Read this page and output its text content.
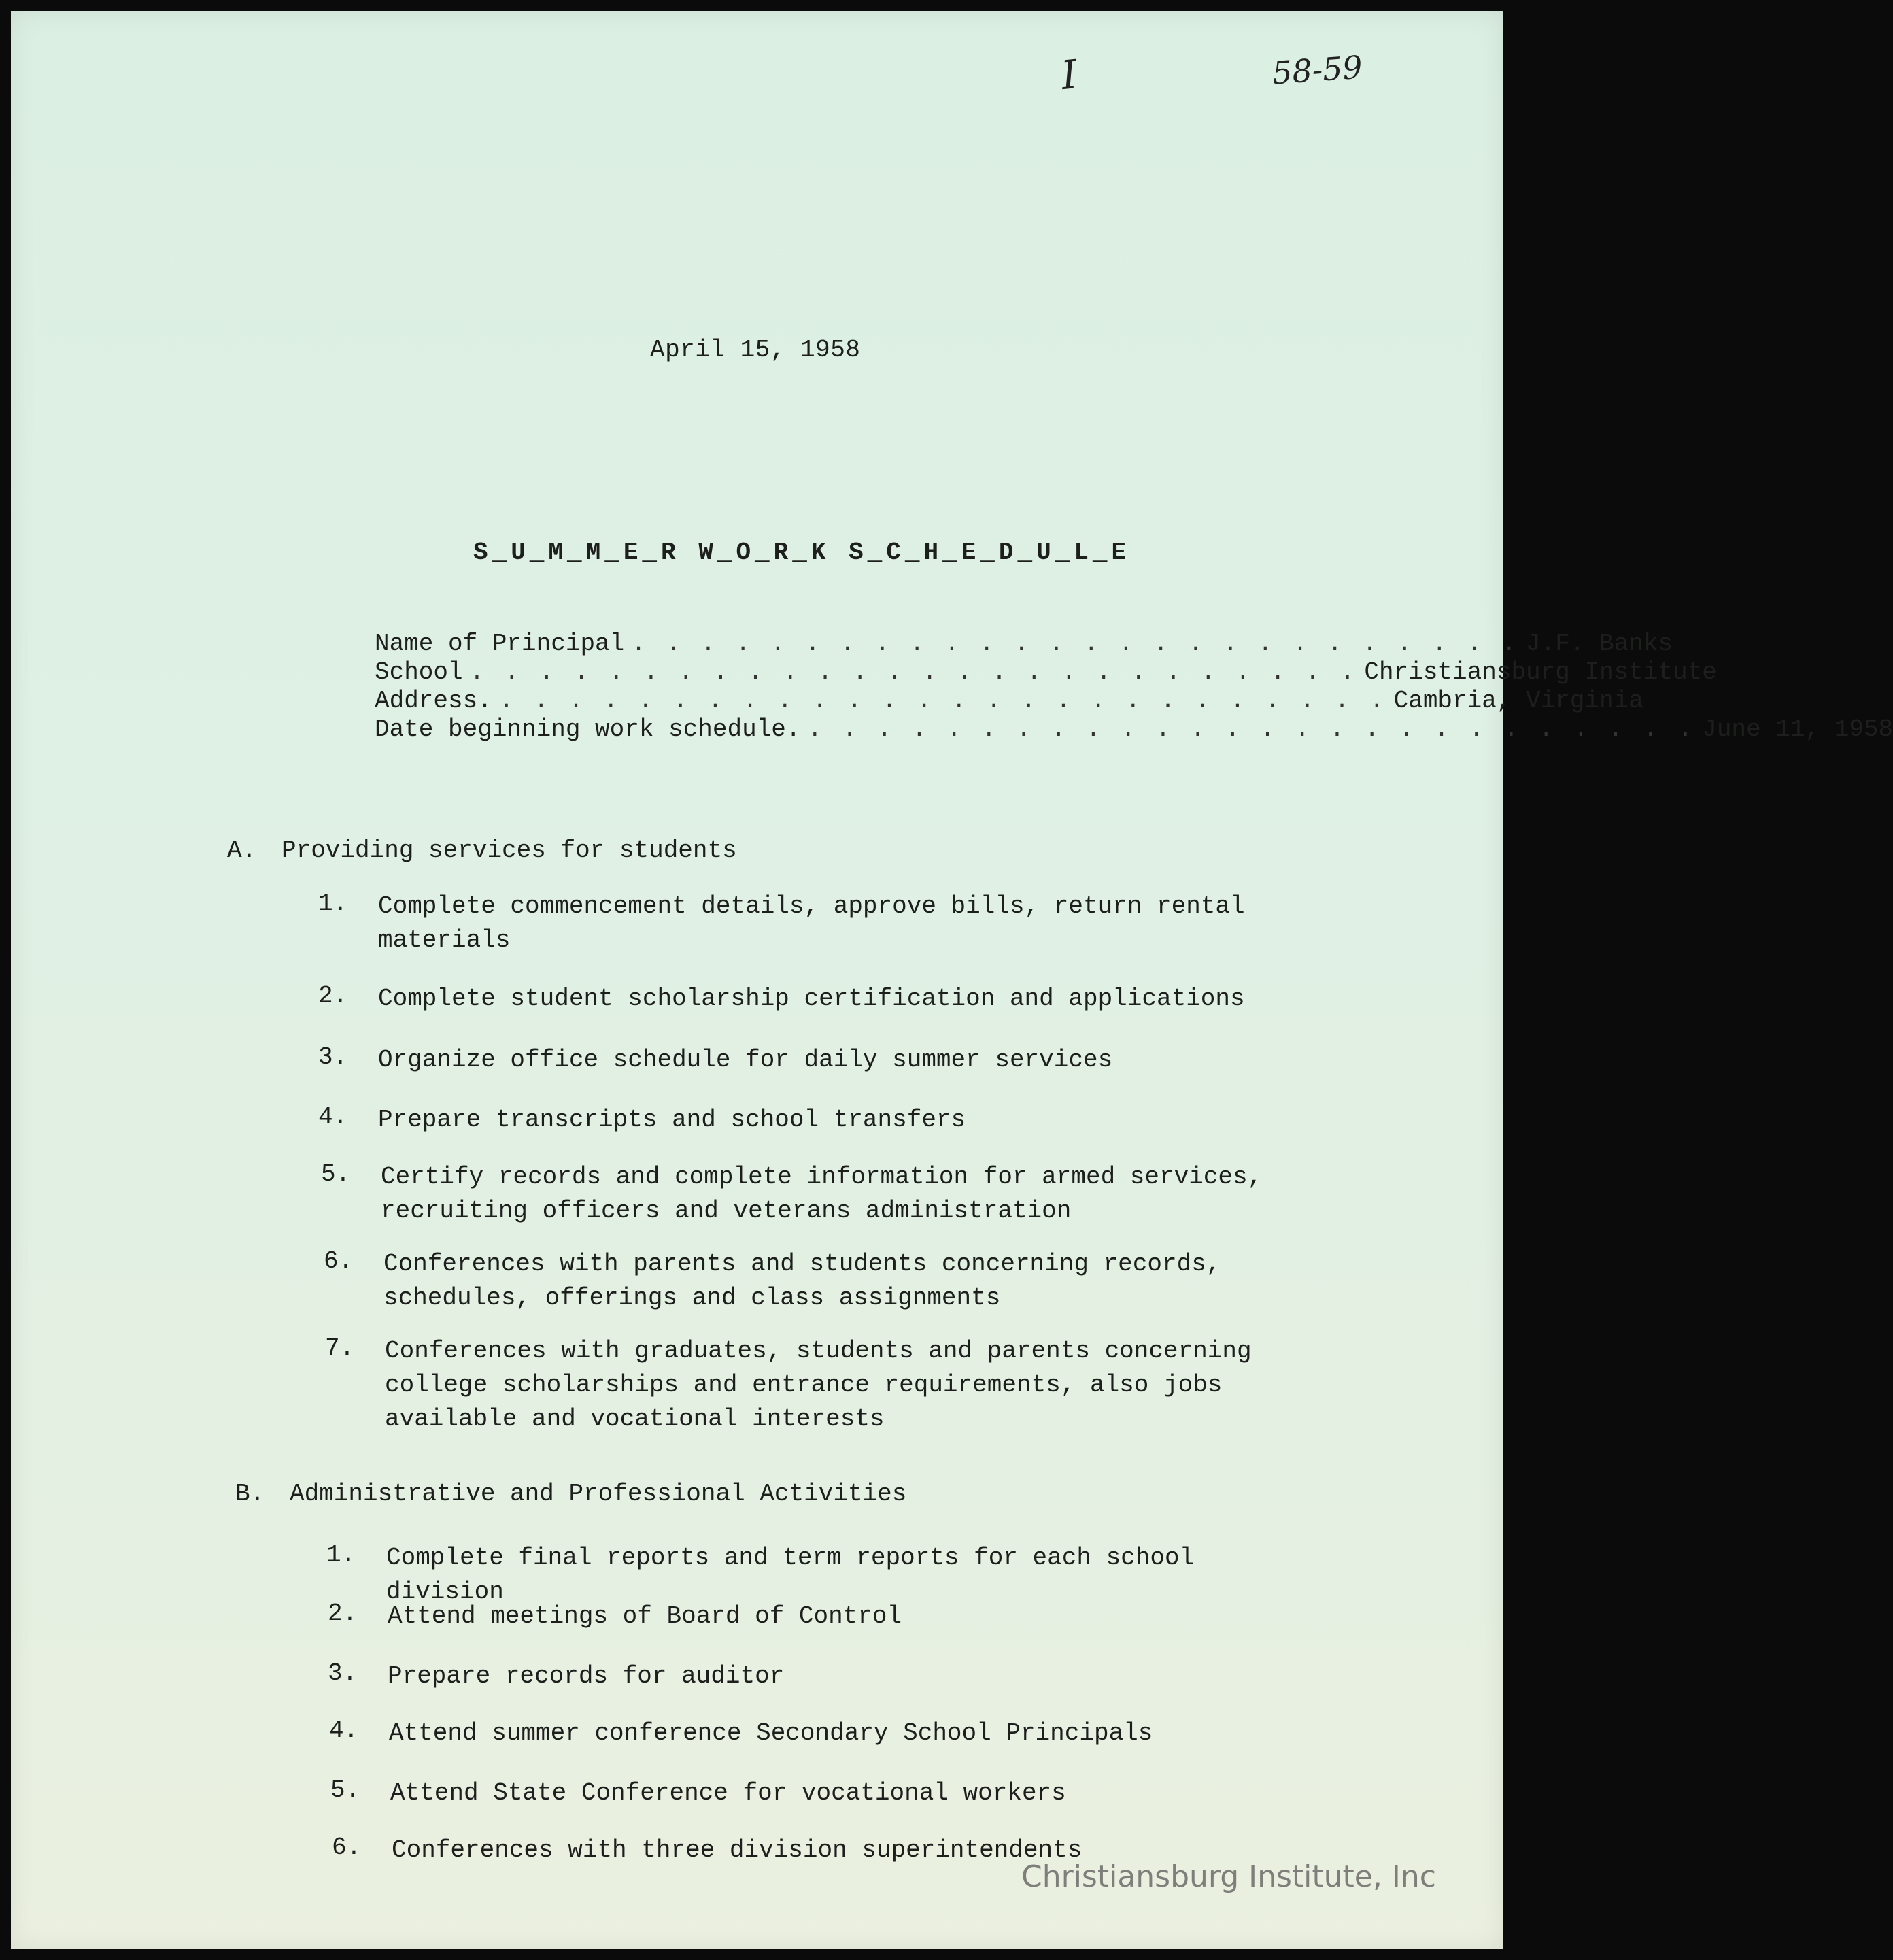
I	58-59
April 15, 1958
S_U_M_M_E_R W_O_R_K S_C_H_E_D_U_L_E
Name of Principal . . . . . . . . . . . . . . . . . . . . . . . . . . J.F. Banks
School . . . . . . . . . . . . . . . . . . . . . . . . . . Christiansburg Institute
Address. . . . . . . . . . . . . . . . . . . . . . . . . . . Cambria, Virginia
Date beginning work schedule. . . . . . . . . . . . . . . . . . . . . . . . . . . June 11, 1958
A. Providing services for students
1.	Complete commencement details, approve bills, return rental materials
2.	Complete student scholarship certification and applications
3.	Organize office schedule for daily summer services
4.	Prepare transcripts and school transfers
5.	Certify records and complete information for armed services, recruiting officers and veterans administration
6.	Conferences with parents and students concerning records, schedules, offerings and class assignments
7.	Conferences with graduates, students and parents concerning college scholarships and entrance requirements, also jobs available and vocational interests
B. Administrative and Professional Activities
1.	Complete final reports and term reports for each school division
2.	Attend meetings of Board of Control
3.	Prepare records for auditor
4.	Attend summer conference Secondary School Principals
5.	Attend State Conference for vocational workers
6.	Conferences with three division superintendents
Christiansburg Institute, Inc
